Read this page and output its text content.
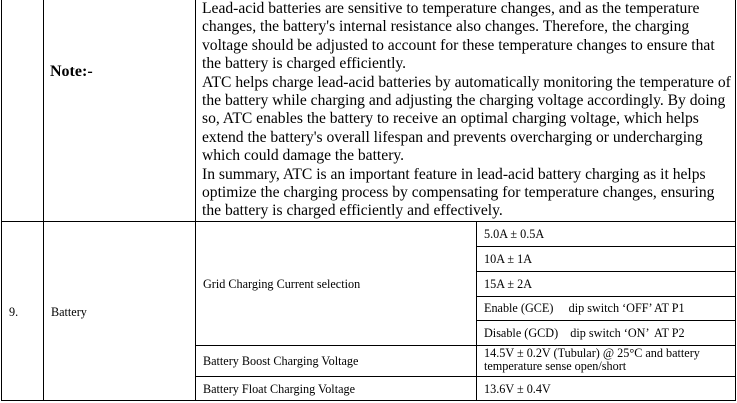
Note:-

Lead-acid batteries are sensitive to temperature changes, and as the temperature changes, the battery's internal resistance also changes. Therefore, the charging voltage should be adjusted to account for these temperature changes to ensure that the battery is charged efficiently.

ATC helps charge lead-acid batteries by automatically monitoring the temperature of the battery while charging and adjusting the charging voltage accordingly. By doing so, ATC enables the battery to receive an optimal charging voltage, which helps extend the battery's overall lifespan and prevents overcharging or undercharging which could damage the battery.

In summary, ATC is an important feature in lead-acid battery charging as it helps optimize the charging process by compensating for temperature changes, ensuring the battery is charged efficiently and effectively.

9.	Battery
Grid Charging Current selection
5.0A ± 0.5A
10A ± 1A
15A ± 2A
Enable (GCE)     dip switch ‘OFF’ AT P1
Disable (GCD)    dip switch ‘ON’  AT P2
Battery Boost Charging Voltage
14.5V ± 0.2V (Tubular) @ 25°C and battery temperature sense open/short
Battery Float Charging Voltage	13.6V ± 0.4V
